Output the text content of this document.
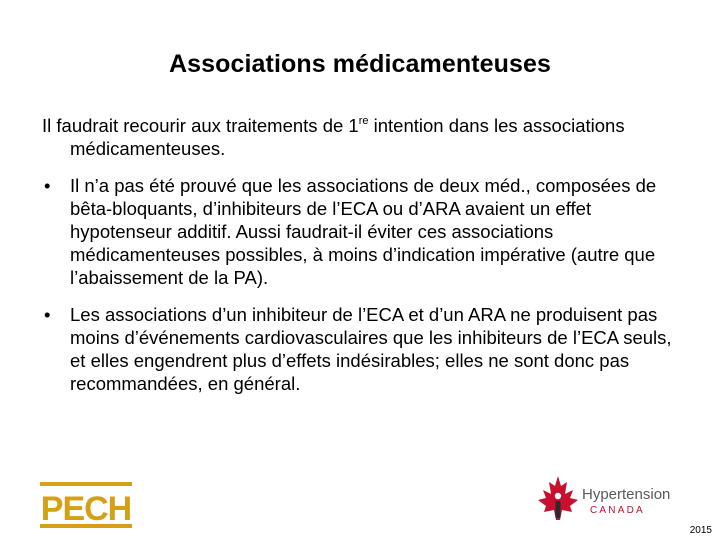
Associations médicamenteuses

Il faudrait recourir aux traitements de 1re intention dans les associations médicamenteuses.

• Il n’a pas été prouvé que les associations de deux méd., composées de bêta-bloquants, d’inhibiteurs de l’ECA ou d’ARA avaient un effet hypotenseur additif. Aussi faudrait-il éviter ces associations médicamenteuses possibles, à moins d’indication impérative (autre que l’abaissement de la PA).
• Les associations d’un inhibiteur de l’ECA et d’un ARA ne produisent pas moins d’événements cardiovasculaires que les inhibiteurs de l’ECA seuls, et elles engendrent plus d’effets indésirables; elles ne sont donc pas recommandées, en général.
PECH	Hypertension
CANADA
2015
